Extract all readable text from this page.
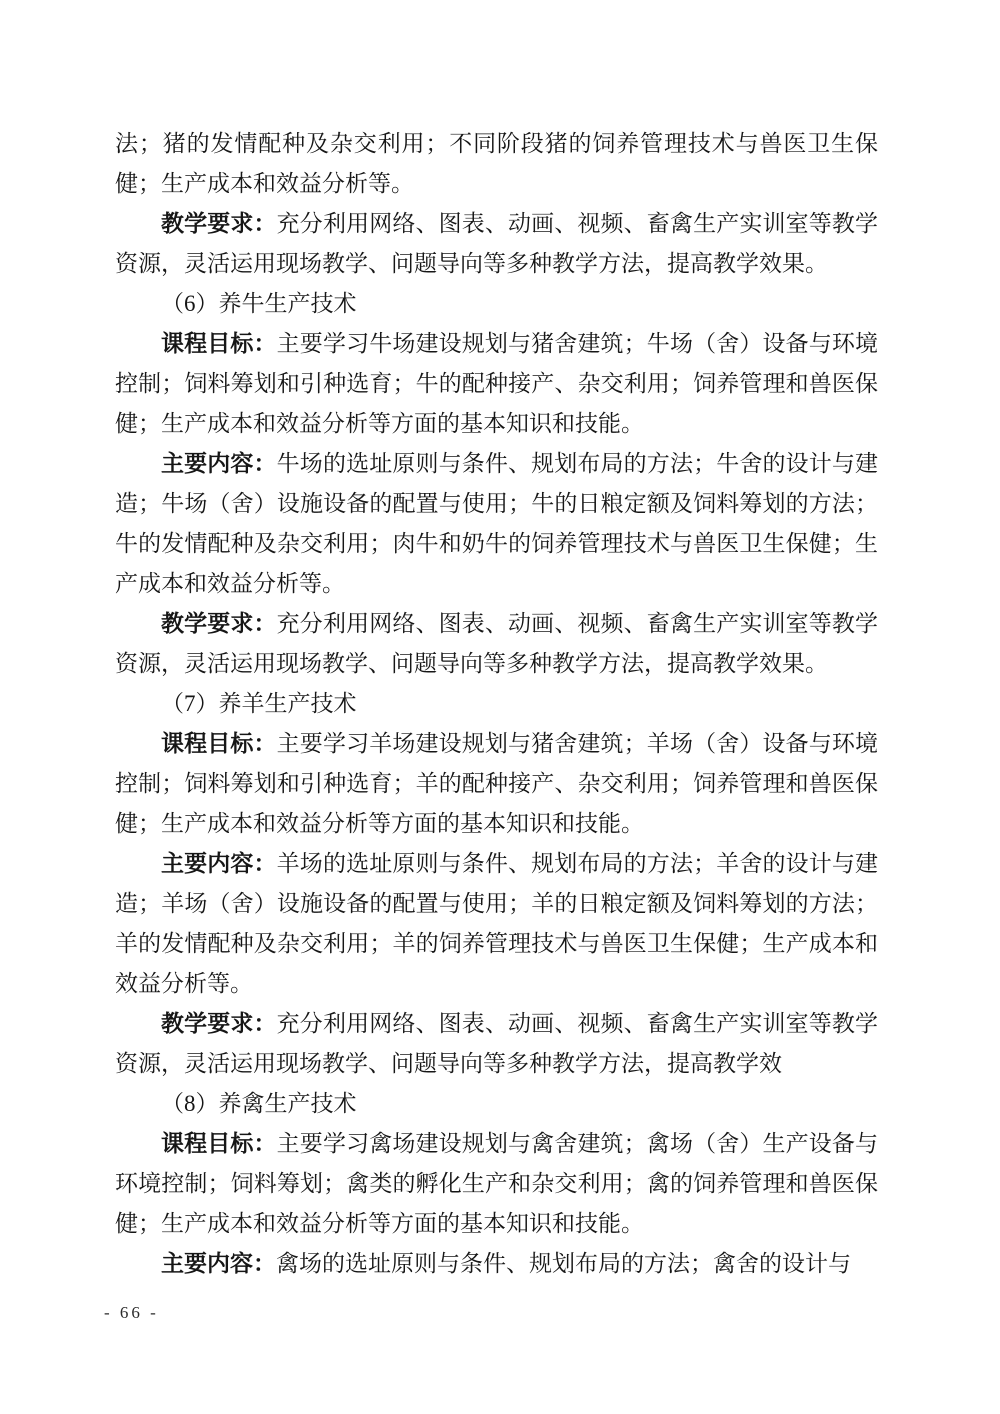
法；猪的发情配种及杂交利用；不同阶段猪的饲养管理技术与兽医卫生保健；生产成本和效益分析等。

教学要求：充分利用网络、图表、动画、视频、畜禽生产实训室等教学资源，灵活运用现场教学、问题导向等多种教学方法，提高教学效果。

（6）养牛生产技术

课程目标：主要学习牛场建设规划与猪舍建筑；牛场（舍）设备与环境控制；饲料筹划和引种选育；牛的配种接产、杂交利用；饲养管理和兽医保健；生产成本和效益分析等方面的基本知识和技能。

主要内容：牛场的选址原则与条件、规划布局的方法；牛舍的设计与建造；牛场（舍）设施设备的配置与使用；牛的日粮定额及饲料筹划的方法；牛的发情配种及杂交利用；肉牛和奶牛的饲养管理技术与兽医卫生保健；生产成本和效益分析等。

教学要求：充分利用网络、图表、动画、视频、畜禽生产实训室等教学资源，灵活运用现场教学、问题导向等多种教学方法，提高教学效果。

（7）养羊生产技术

课程目标：主要学习羊场建设规划与猪舍建筑；羊场（舍）设备与环境控制；饲料筹划和引种选育；羊的配种接产、杂交利用；饲养管理和兽医保健；生产成本和效益分析等方面的基本知识和技能。

主要内容：羊场的选址原则与条件、规划布局的方法；羊舍的设计与建造；羊场（舍）设施设备的配置与使用；羊的日粮定额及饲料筹划的方法；羊的发情配种及杂交利用；羊的饲养管理技术与兽医卫生保健；生产成本和效益分析等。

教学要求：充分利用网络、图表、动画、视频、畜禽生产实训室等教学资源，灵活运用现场教学、问题导向等多种教学方法，提高教学效

（8）养禽生产技术

课程目标：主要学习禽场建设规划与禽舍建筑；禽场（舍）生产设备与环境控制；饲料筹划；禽类的孵化生产和杂交利用；禽的饲养管理和兽医保健；生产成本和效益分析等方面的基本知识和技能。

主要内容：禽场的选址原则与条件、规划布局的方法；禽舍的设计与

- 66 -
